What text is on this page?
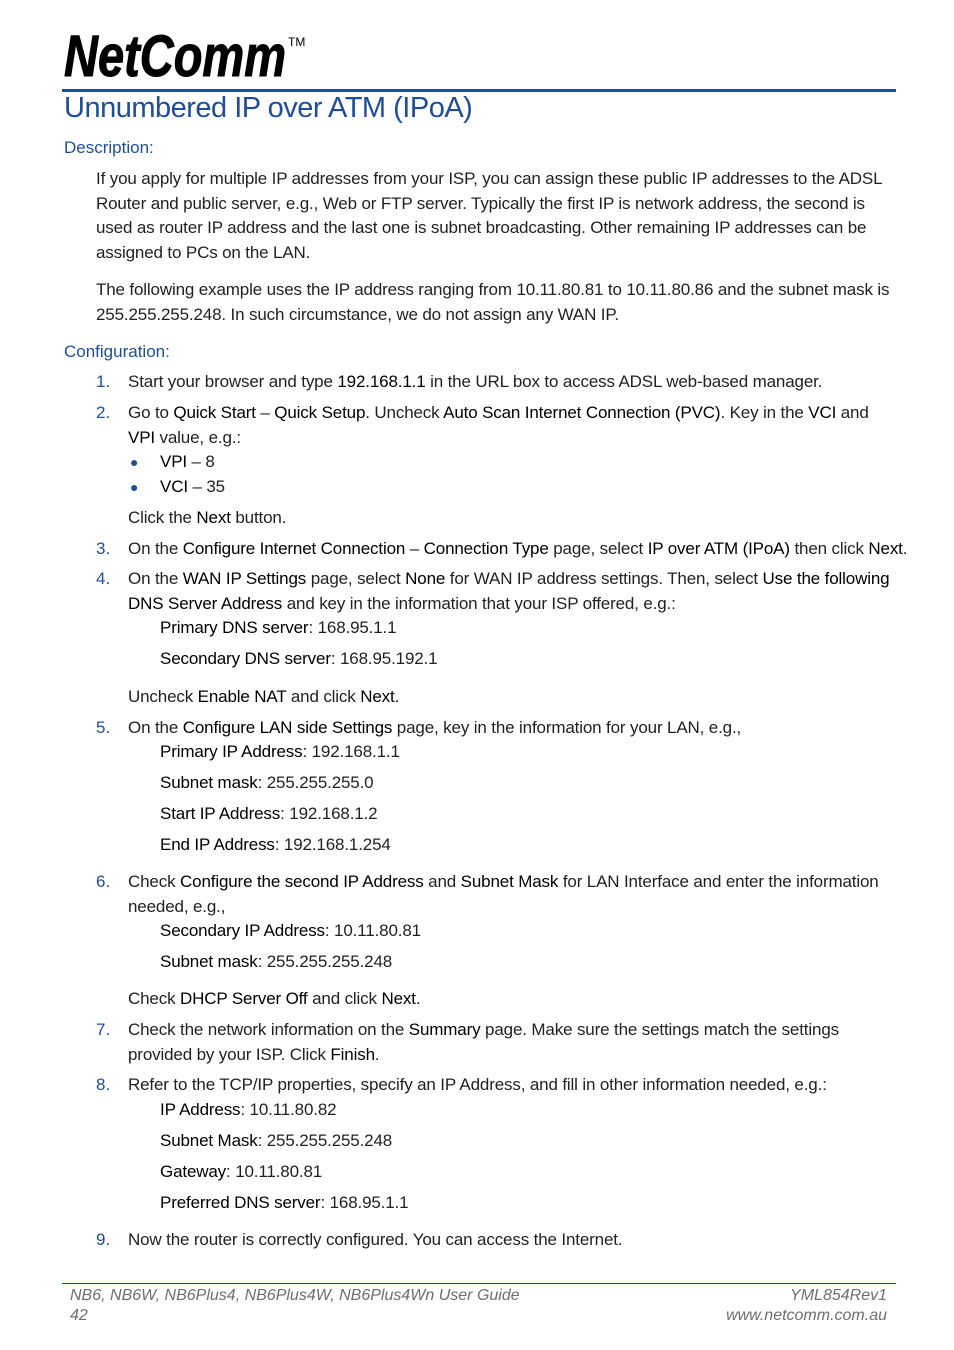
NetComm TM
Unnumbered IP over ATM (IPoA)
Description:

If you apply for multiple IP addresses from your ISP, you can assign these public IP addresses to the ADSL Router and public server, e.g., Web or FTP server. Typically the first IP is network address, the second is used as router IP address and the last one is subnet broadcasting. Other remaining IP addresses can be assigned to PCs on the LAN.

The following example uses the IP address ranging from 10.11.80.81 to 10.11.80.86 and the subnet mask is 255.255.255.248. In such circumstance, we do not assign any WAN IP.

Configuration:
1. Start your browser and type 192.168.1.1 in the URL box to access ADSL web-based manager.

2. Go to Quick Start – Quick Setup. Uncheck Auto Scan Internet Connection (PVC). Key in the VCI and VPI value, e.g.:

● VPI – 8

● VCI – 35

Click the Next button.

3. On the Configure Internet Connection – Connection Type page, select IP over ATM (IPoA) then click Next.

4. On the WAN IP Settings page, select None for WAN IP address settings. Then, select Use the following DNS Server Address and key in the information that your ISP offered, e.g.:

Primary DNS server: 168.95.1.1

Secondary DNS server: 168.95.192.1

Uncheck Enable NAT and click Next.

5. On the Configure LAN side Settings page, key in the information for your LAN, e.g.,

Primary IP Address: 192.168.1.1

Subnet mask: 255.255.255.0

Start IP Address: 192.168.1.2

End IP Address: 192.168.1.254

6. Check Configure the second IP Address and Subnet Mask for LAN Interface and enter the information needed, e.g.,

Secondary IP Address: 10.11.80.81

Subnet mask: 255.255.255.248

Check DHCP Server Off and click Next.

7. Check the network information on the Summary page. Make sure the settings match the settings provided by your ISP. Click Finish.

8. Refer to the TCP/IP properties, specify an IP Address, and fill in other information needed, e.g.:

IP Address: 10.11.80.82

Subnet Mask: 255.255.255.248

Gateway: 10.11.80.81

Preferred DNS server: 168.95.1.1

9. Now the router is correctly configured. You can access the Internet.

NB6, NB6W, NB6Plus4, NB6Plus4W, NB6Plus4Wn User Guide

42

YML854Rev1

www.netcomm.com.au
